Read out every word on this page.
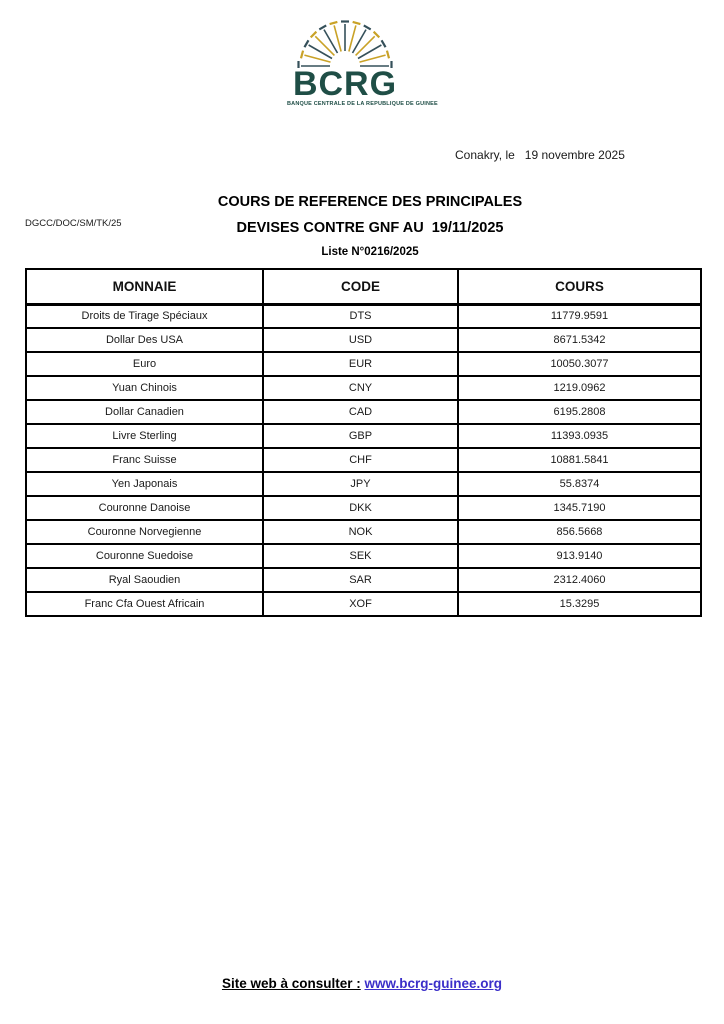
BCRG
BANQUE CENTRALE DE LA REPUBLIQUE DE GUINEE
Conakry, le   19 novembre 2025
DGCC/DOC/SM/TK/25
COURS DE REFERENCE DES PRINCIPALES
DEVISES CONTRE GNF AU  19/11/2025
Liste N°0216/2025
MONNAIE	CODE	COURS
Droits de Tirage Spéciaux	DTS	11779.9591
Dollar Des USA	USD	8671.5342
Euro	EUR	10050.3077
Yuan Chinois	CNY	1219.0962
Dollar Canadien	CAD	6195.2808
Livre Sterling	GBP	11393.0935
Franc Suisse	CHF	10881.5841
Yen Japonais	JPY	55.8374
Couronne Danoise	DKK	1345.7190
Couronne Norvegienne	NOK	856.5668
Couronne Suedoise	SEK	913.9140
Ryal Saoudien	SAR	2312.4060
Franc Cfa Ouest Africain	XOF	15.3295
Site web à consulter : www.bcrg-guinee.org
